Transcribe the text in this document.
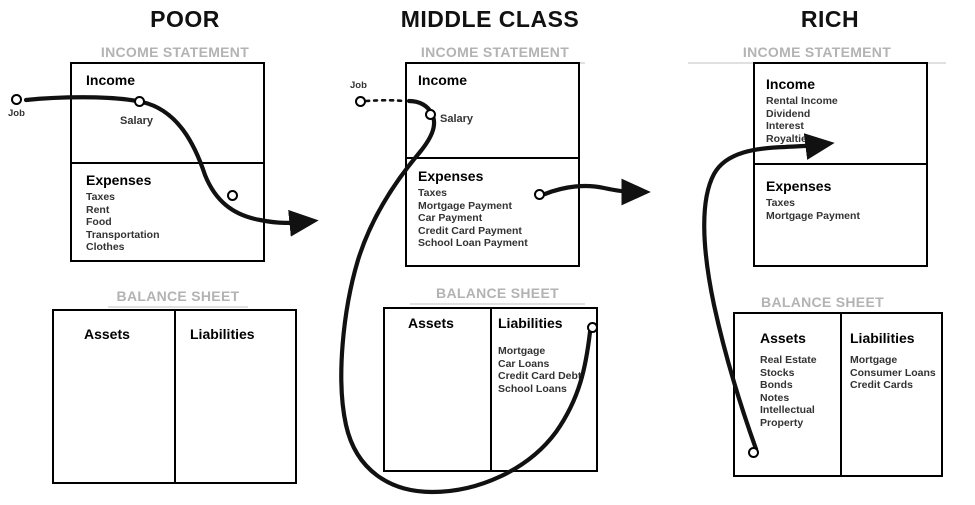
POOR	MIDDLE CLASS	RICH
INCOME STATEMENT
BALANCE SHEET
INCOME STATEMENT
BALANCE SHEET
INCOME STATEMENT
BALANCE SHEET
Income
Expenses
Taxes
Rent
Food
Transportation
Clothes
Assets	Liabilities
Income
Expenses
Taxes
Mortgage Payment
Car Payment
Credit Card Payment
School Loan Payment
Assets	Liabilities
Mortgage
Car Loans
Credit Card Debt
School Loans
Income
Rental Income
Dividend
Interest
Royalties
Expenses
Taxes
Mortgage Payment
Assets
Real Estate
Stocks
Bonds
Notes
Intellectual
Property
Liabilities
Mortgage
Consumer Loans
Credit Cards
Job
Salary
Job
Salary
